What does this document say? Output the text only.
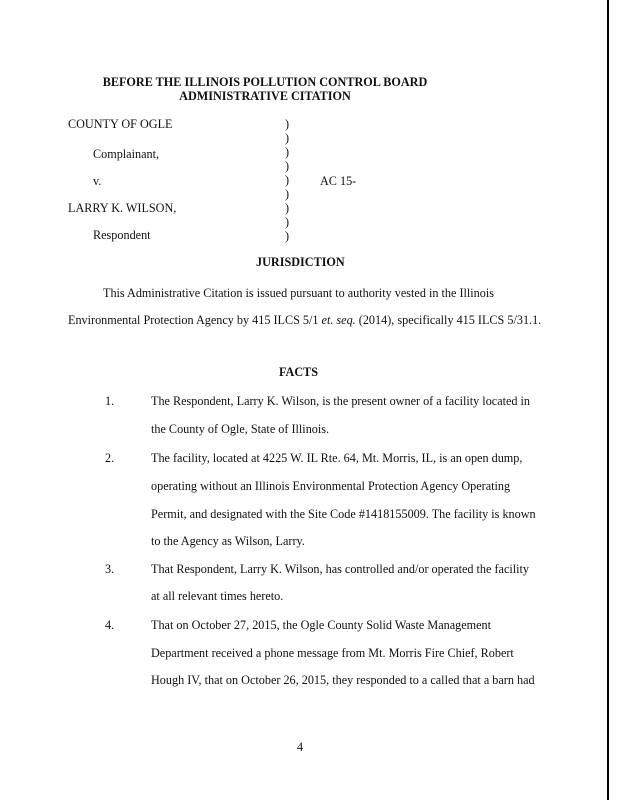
BEFORE THE ILLINOIS POLLUTION CONTROL BOARD
ADMINISTRATIVE CITATION
COUNTY OF OGLE
Complainant,
v.	AC 15-
LARRY K. WILSON,
Respondent
)
)
)
)
)
)
)
)
)
JURISDICTION
This Administrative Citation is issued pursuant to authority vested in the Illinois
Environmental Protection Agency by 415 ILCS 5/1 et. seq. (2014), specifically 415 ILCS 5/31.1.
FACTS
1.	The Respondent, Larry K. Wilson, is the present owner of a facility located in
the County of Ogle, State of Illinois.
2.	The facility, located at 4225 W. IL Rte. 64, Mt. Morris, IL, is an open dump,
operating without an Illinois Environmental Protection Agency Operating
Permit, and designated with the Site Code #1418155009. The facility is known
to the Agency as Wilson, Larry.
3.	That Respondent, Larry K. Wilson, has controlled and/or operated the facility
at all relevant times hereto.
4.	That on October 27, 2015, the Ogle County Solid Waste Management
Department received a phone message from Mt. Morris Fire Chief, Robert
Hough IV, that on October 26, 2015, they responded to a called that a barn had
4
